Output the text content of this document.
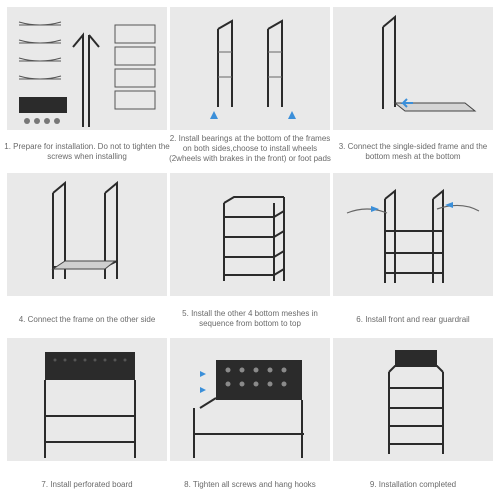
1. Prepare for installation. Do not to tighten the screws when installing
2. Install bearings at the bottom of the frames on both sides,choose to install wheels (2wheels with brakes in the front) or foot pads
3. Connect the single-sided frame and the bottom mesh at the bottom
4. Connect the frame on the other side
5. Install the other 4 bottom meshes in sequence from bottom to top	6. Install front and rear guardrail
7. Install perforated board	8. Tighten all screws and hang hooks	9. Installation completed
